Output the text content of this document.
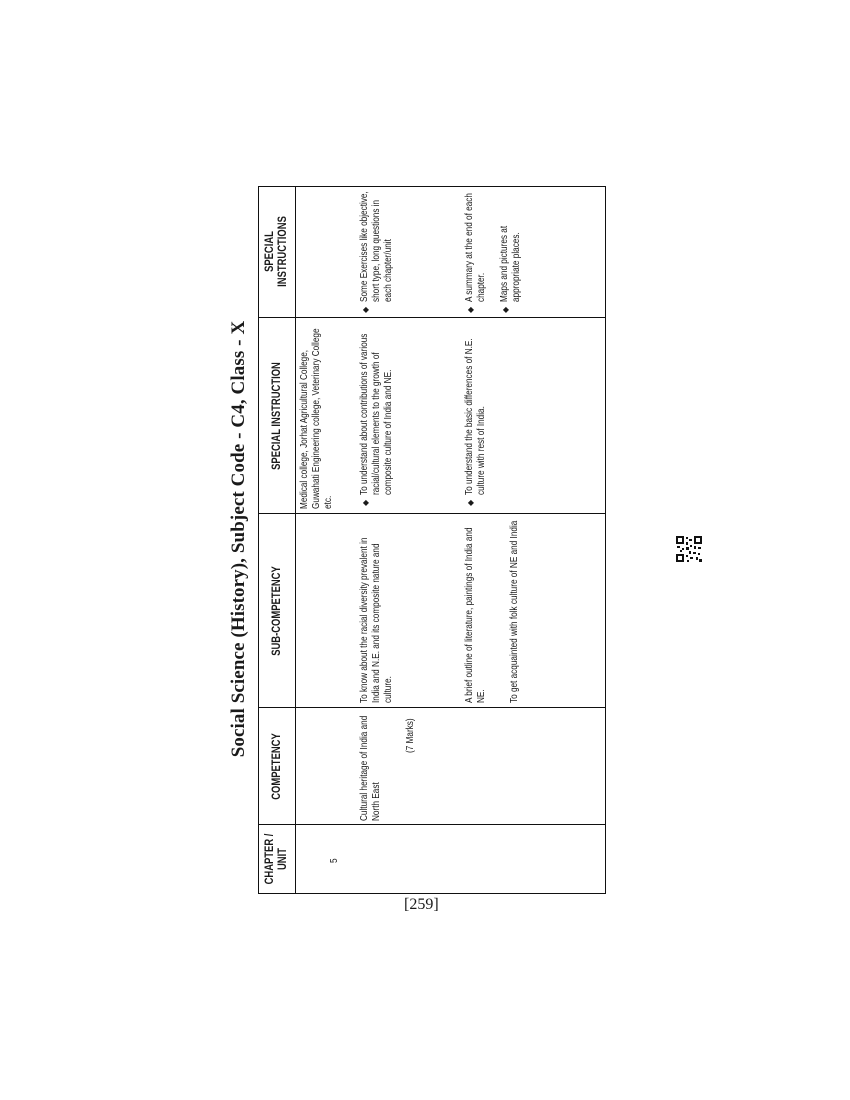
Social Science (History), Subject Code - C4, Class - X
CHAPTER / UNIT
COMPETENCY
SUB-COMPETENCY
SPECIAL INSTRUCTION
SPECIAL INSTRUCTIONS
Medical college, Jorhat Agricultural College, Guwahati Engineering college, Veterinary College etc.
5
Cultural heritage of India and North East
(7 Marks)
To know about the racial diversity prevalent in India and N.E. and its composite nature and culture.
◆
To understand about contributions of various racial/cultural elements to the growth of composite culture of India and NE.
◆
Some Exercises like objective, short type, long questions in each chapter/unit
A brief outline of literature, paintings of India and NE. To get acquainted with folk culture of NE and India
◆
To understand the basic differences of N.E. culture with rest of India.
◆
A summary at the end of each chapter.
◆
Maps and pictures at appropriate places.
[259]
